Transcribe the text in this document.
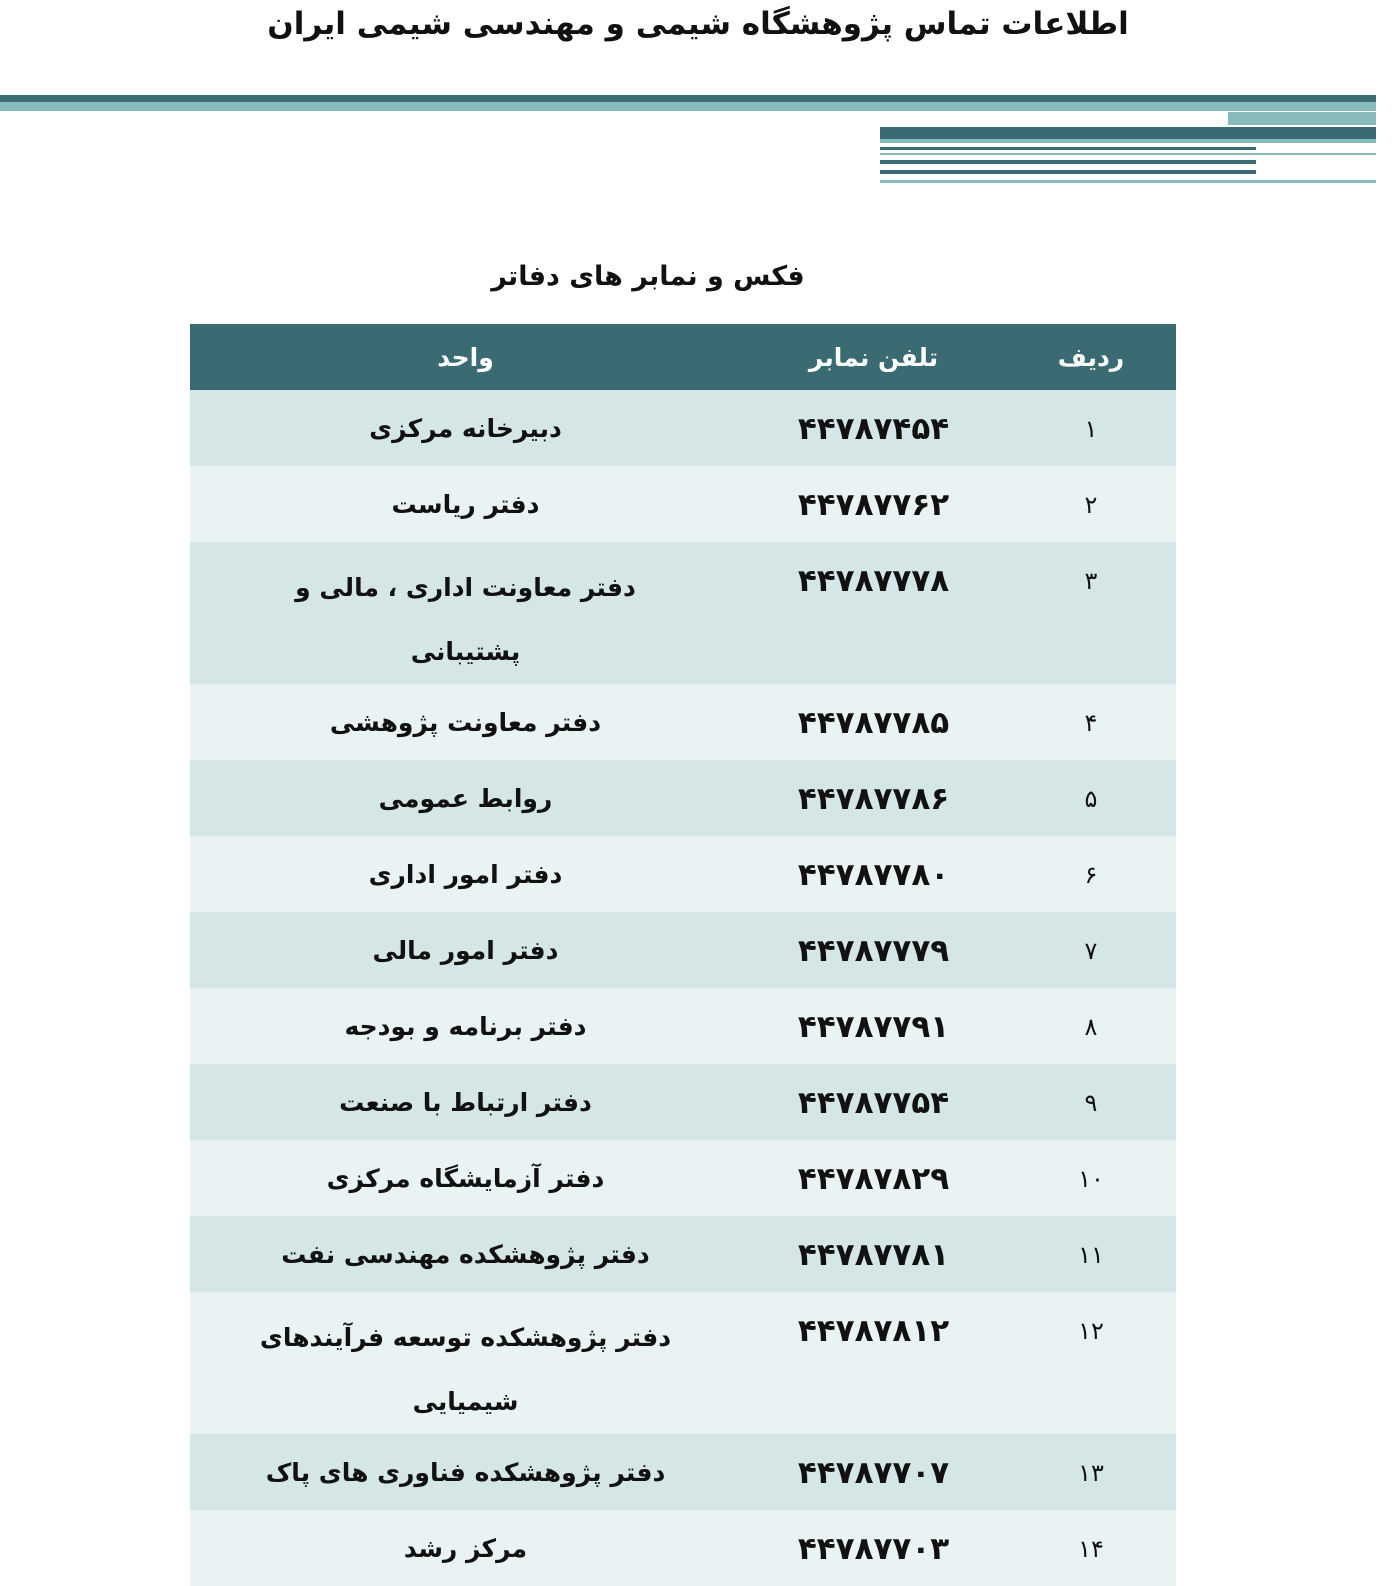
اطلاعات تماس پژوهشگاه شیمی و مهندسی شیمی ایران
فکس و نمابر های دفاتر
ردیف	تلفن نمابر	واحد
۱	۴۴۷۸۷۴۵۴	دبیرخانه مرکزی
۲	۴۴۷۸۷۷۶۲	دفتر ریاست
۳	۴۴۷۸۷۷۷۸	دفتر معاونت اداری ، مالی و پشتیبانی
۴	۴۴۷۸۷۷۸۵	دفتر معاونت پژوهشی
۵	۴۴۷۸۷۷۸۶	روابط عمومی
۶	۴۴۷۸۷۷۸۰	دفتر امور اداری
۷	۴۴۷۸۷۷۷۹	دفتر امور مالی
۸	۴۴۷۸۷۷۹۱	دفتر برنامه و بودجه
۹	۴۴۷۸۷۷۵۴	دفتر ارتباط با صنعت
۱۰	۴۴۷۸۷۸۲۹	دفتر آزمایشگاه مرکزی
۱۱	۴۴۷۸۷۷۸۱	دفتر پژوهشکده مهندسی نفت
۱۲	۴۴۷۸۷۸۱۲	دفتر پژوهشکده توسعه فرآیندهای شیمیایی
۱۳	۴۴۷۸۷۷۰۷	دفتر پژوهشکده فناوری های پاک
۱۴	۴۴۷۸۷۷۰۳	مرکز رشد
